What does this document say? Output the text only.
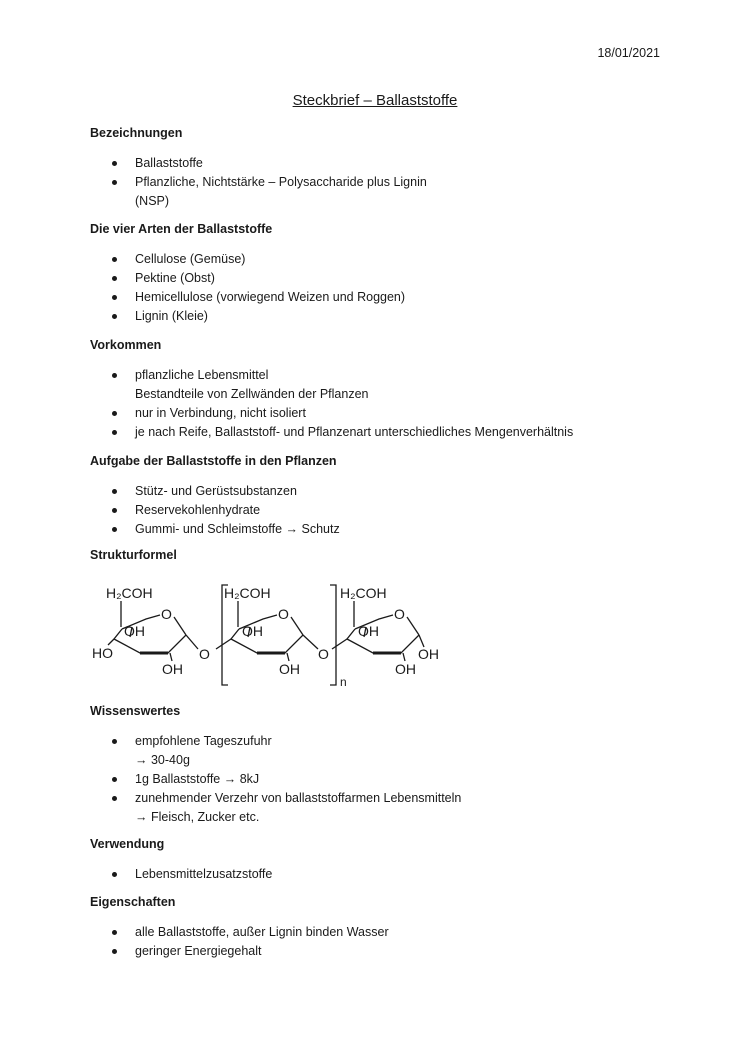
18/01/2021
Steckbrief – Ballaststoffe
Bezeichnungen
Ballaststoffe
Pflanzliche, Nichtstärke – Polysaccharide plus Lignin
(NSP)
Die vier Arten der Ballaststoffe
Cellulose (Gemüse)
Pektine (Obst)
Hemicellulose (vorwiegend Weizen und Roggen)
Lignin (Kleie)
Vorkommen
pflanzliche Lebensmittel
Bestandteile von Zellwänden der Pflanzen
nur in Verbindung, nicht isoliert
je nach Reife, Ballaststoff- und Pflanzenart unterschiedliches Mengenverhältnis
Aufgabe der Ballaststoffe in den Pflanzen
Stütz- und Gerüstsubstanzen
Reservekohlenhydrate
Gummi- und Schleimstoffe → Schutz
Strukturformel
Wissenswertes
empfohlene Tageszufuhr
→ 30-40g
1g Ballaststoffe → 8kJ
zunehmender Verzehr von ballaststoffarmen Lebensmitteln
→ Fleisch, Zucker etc.
Verwendung
Lebensmittelzusatzstoffe
Eigenschaften
alle Ballaststoffe, außer Lignin binden Wasser
geringer Energiegehalt
H₂COH
O
OH
HO
OH
O
H₂COH
O
OH
OH
O
n
H₂COH
O
OH
OH
OH
